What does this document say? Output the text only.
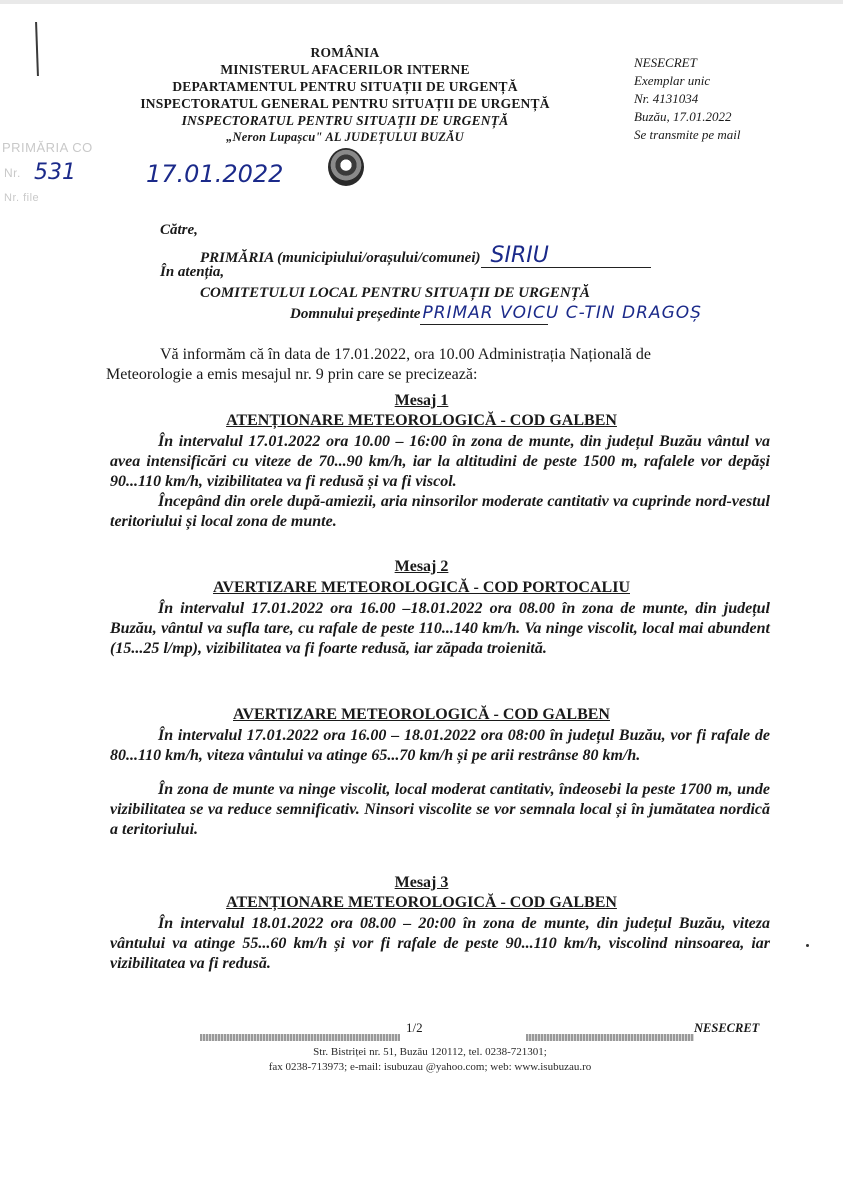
ROMÂNIA
MINISTERUL AFACERILOR INTERNE
DEPARTAMENTUL PENTRU SITUAȚII DE URGENȚĂ
INSPECTORATUL GENERAL PENTRU SITUAȚII DE URGENȚĂ
INSPECTORATUL PENTRU SITUAȚII DE URGENȚĂ
„Neron Lupașcu" AL JUDEȚULUI BUZĂU
NESECRET
Exemplar unic
Nr. 4131034
Buzău, 17.01.2022
Se transmite pe mail
PRIMĂRIA CO
Nr.
Nr. file
531	17.01.2022
Către,
PRIMĂRIA (municipiului/orașului/comunei) SIRIU
În atenția,
COMITETULUI LOCAL PENTRU SITUAȚII DE URGENȚĂ
Domnului președinte PRIMAR VOICU C-TIN DRAGOȘ
Vă informăm că în data de 17.01.2022, ora 10.00 Administrația Națională de
Meteorologie a emis mesajul nr. 9 prin care se precizează:
Mesaj 1
ATENȚIONARE METEOROLOGICĂ - COD GALBEN

În intervalul 17.01.2022 ora 10.00 – 16:00 în zona de munte, din județul Buzău vântul va avea intensificări cu viteze de 70...90 km/h, iar la altitudini de peste 1500 m, rafalele vor depăși 90...110 km/h, vizibilitatea va fi redusă și va fi viscol.

Începând din orele după-amiezii, aria ninsorilor moderate cantitativ va cuprinde nord-vestul teritoriului și local zona de munte.

Mesaj 2
AVERTIZARE METEOROLOGICĂ - COD PORTOCALIU

În intervalul 17.01.2022 ora 16.00 –18.01.2022 ora 08.00 în zona de munte, din județul Buzău, vântul va sufla tare, cu rafale de peste 110...140 km/h. Va ninge viscolit, local mai abundent (15...25 l/mp), vizibilitatea va fi foarte redusă, iar zăpada troienită.

AVERTIZARE METEOROLOGICĂ - COD GALBEN

În intervalul 17.01.2022 ora 16.00 – 18.01.2022 ora 08:00 în județul Buzău, vor fi rafale de 80...110 km/h, viteza vântului va atinge 65...70 km/h și pe arii restrânse 80 km/h.

În zona de munte va ninge viscolit, local moderat cantitativ, îndeosebi la peste 1700 m, unde vizibilitatea se va reduce semnificativ. Ninsori viscolite se vor semnala local și în jumătatea nordică a teritoriului.

Mesaj 3
ATENȚIONARE METEOROLOGICĂ - COD GALBEN

În intervalul 18.01.2022 ora 08.00 – 20:00 în zona de munte, din județul Buzău, viteza vântului va atinge 55...60 km/h și vor fi rafale de peste 90...110 km/h, viscolind ninsoarea, iar vizibilitatea va fi redusă.

1/2	NESECRET
Str. Bistriței nr. 51, Buzău 120112, tel. 0238-721301;
fax 0238-713973; e-mail: isubuzau @yahoo.com; web: www.isubuzau.ro
